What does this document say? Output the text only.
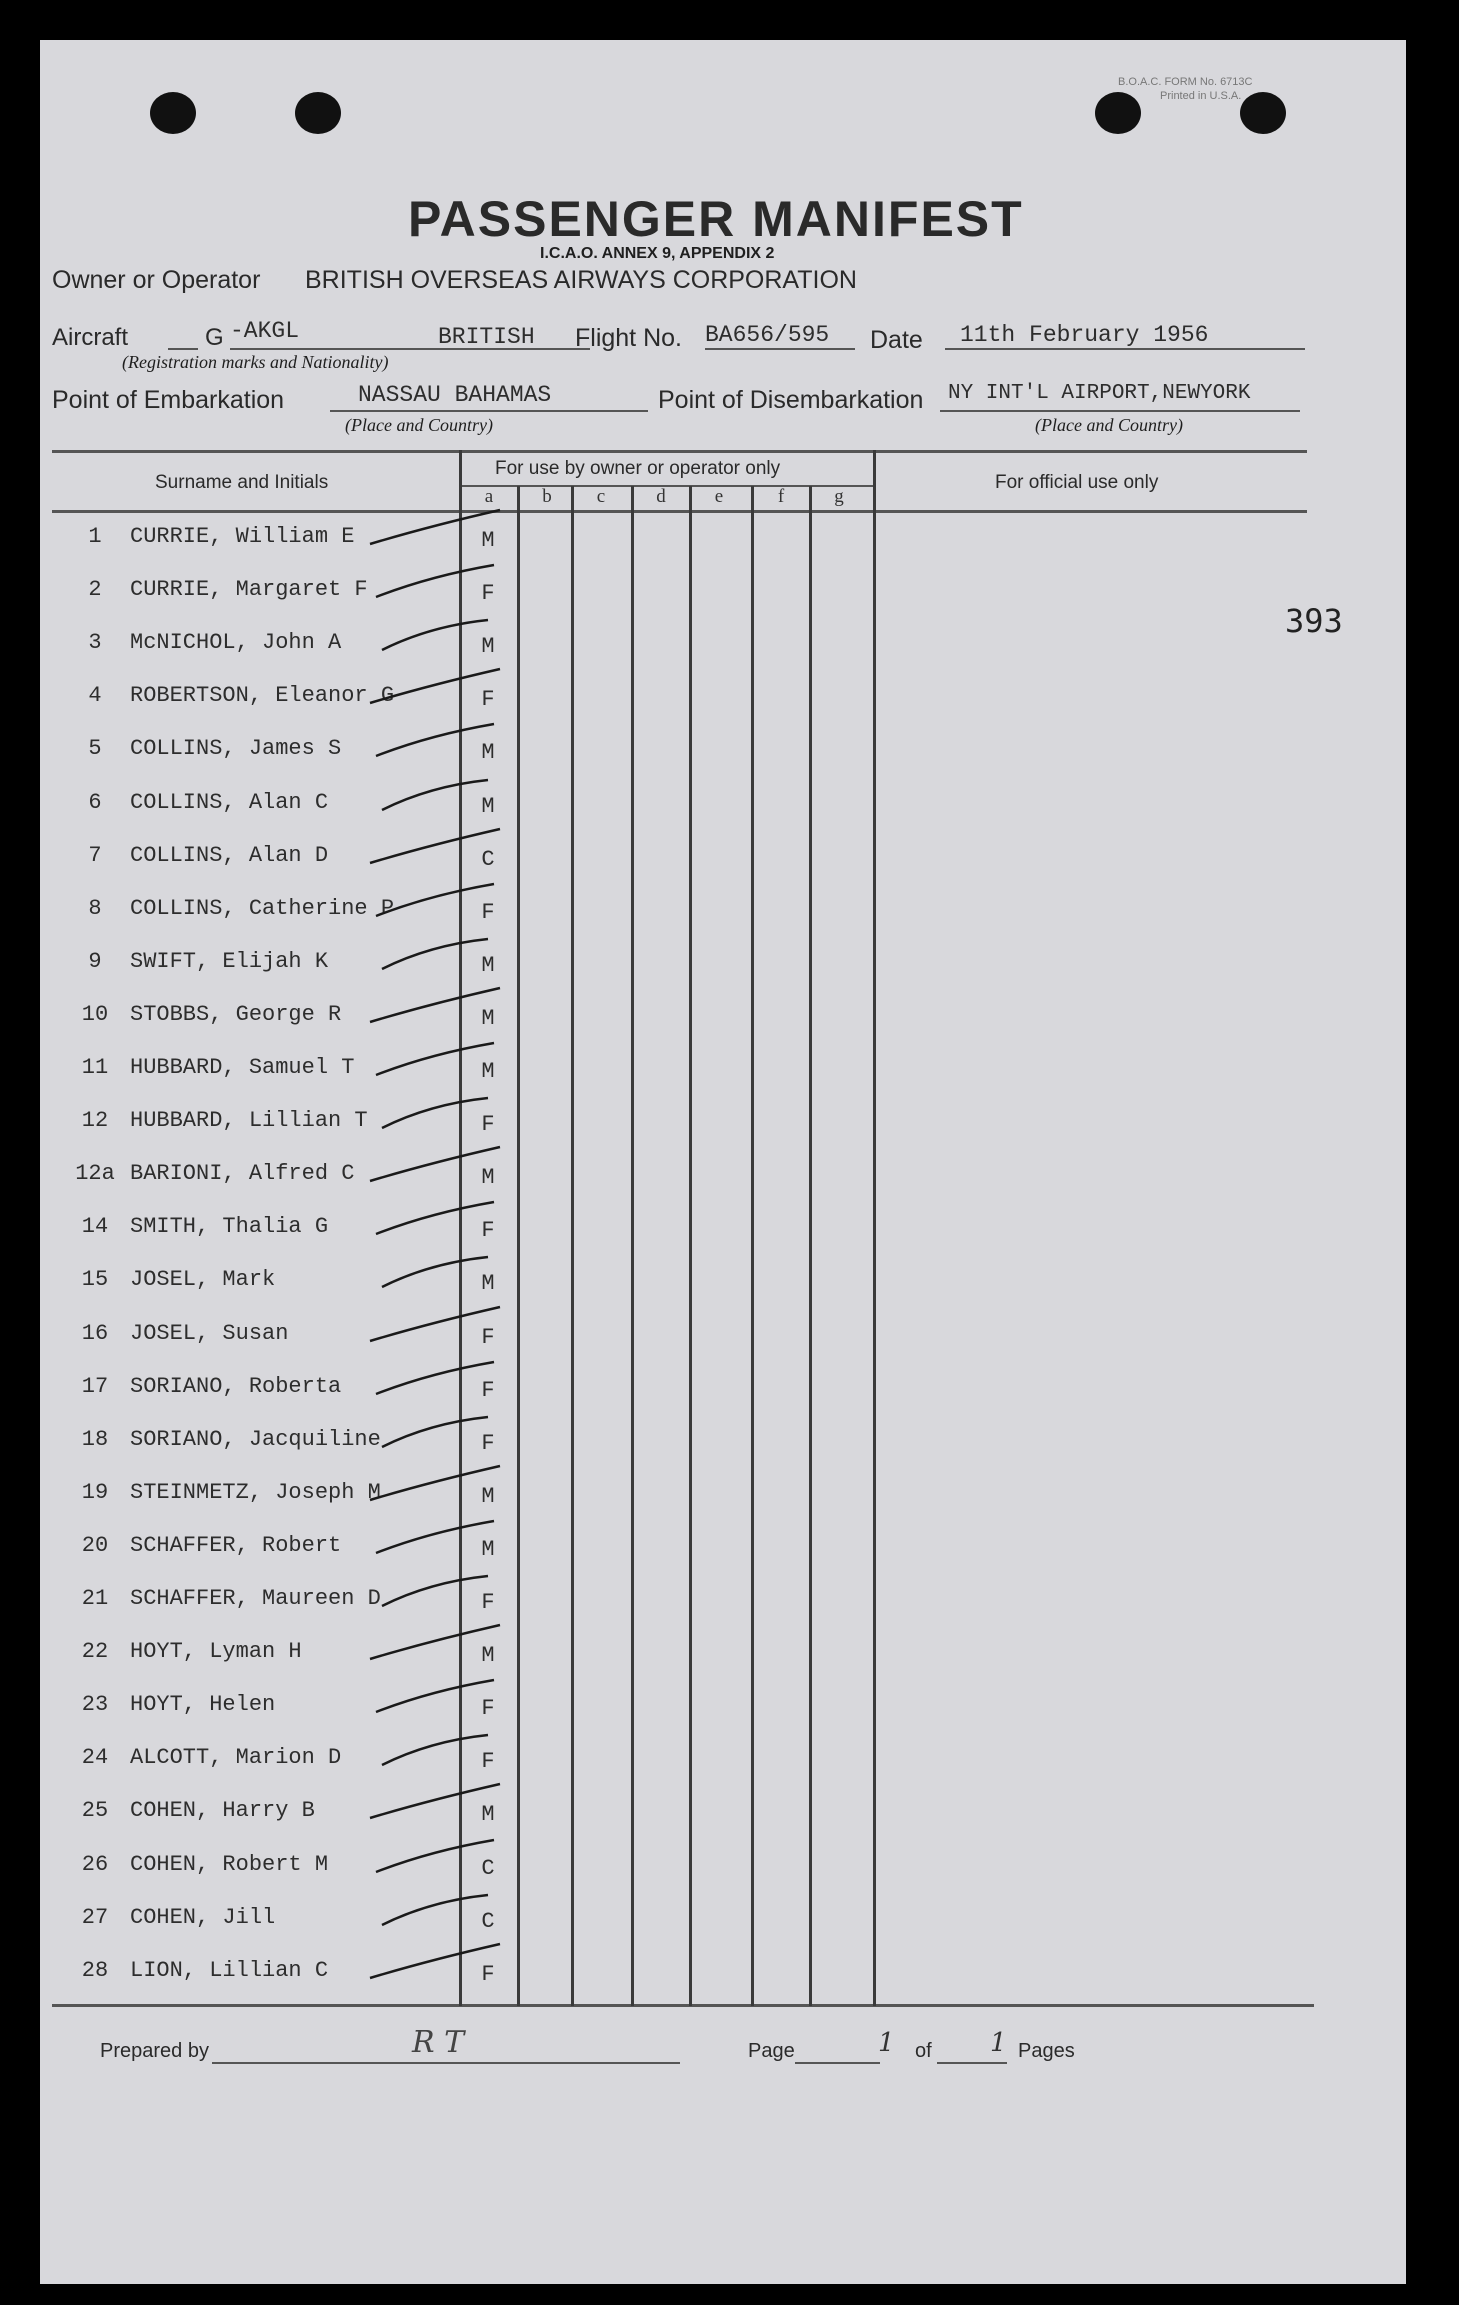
B.O.A.C. FORM No. 6713C
Printed in U.S.A.
PASSENGER MANIFEST
I.C.A.O. ANNEX 9, APPENDIX 2
Owner or Operator BRITISH OVERSEAS AIRWAYS CORPORATION
Aircraft	G -AKGL	BRITISH
(Registration marks and Nationality)
Flight No. BA656/595 Date 11th February 1956
Point of Embarkation	NASSAU BAHAMAS
(Place and Country)
Point of Disembarkation NY INT'L AIRPORT,NEWYORK
(Place and Country)
Surname and Initials
For use by owner or operator only
For official use only
a	b	c	d	e	f	g
1	CURRIE, William E	M
2	CURRIE, Margaret F	F
3	McNICHOL, John A	M
4	ROBERTSON, Eleanor G	F
5	COLLINS, James S	M
6	COLLINS, Alan C	M
7	COLLINS, Alan D	C
8	COLLINS, Catherine P	F
9	SWIFT, Elijah K	M
10 STOBBS, George R	M
11 HUBBARD, Samuel T	M
12 HUBBARD, Lillian T	F
12a BARIONI, Alfred C	M
14 SMITH, Thalia G	F
15 JOSEL, Mark	M
16 JOSEL, Susan	F
17 SORIANO, Roberta	F
18 SORIANO, Jacquiline	F
19 STEINMETZ, Joseph M	M
20 SCHAFFER, Robert	M
21 SCHAFFER, Maureen D	F
22 HOYT, Lyman H	M
23 HOYT, Helen	F
24 ALCOTT, Marion D	F
25 COHEN, Harry B	M
26 COHEN, Robert M	C
27 COHEN, Jill	C
28 LION, Lillian C	F
393
Prepared by	R T	Page	1 of 1 Pages
